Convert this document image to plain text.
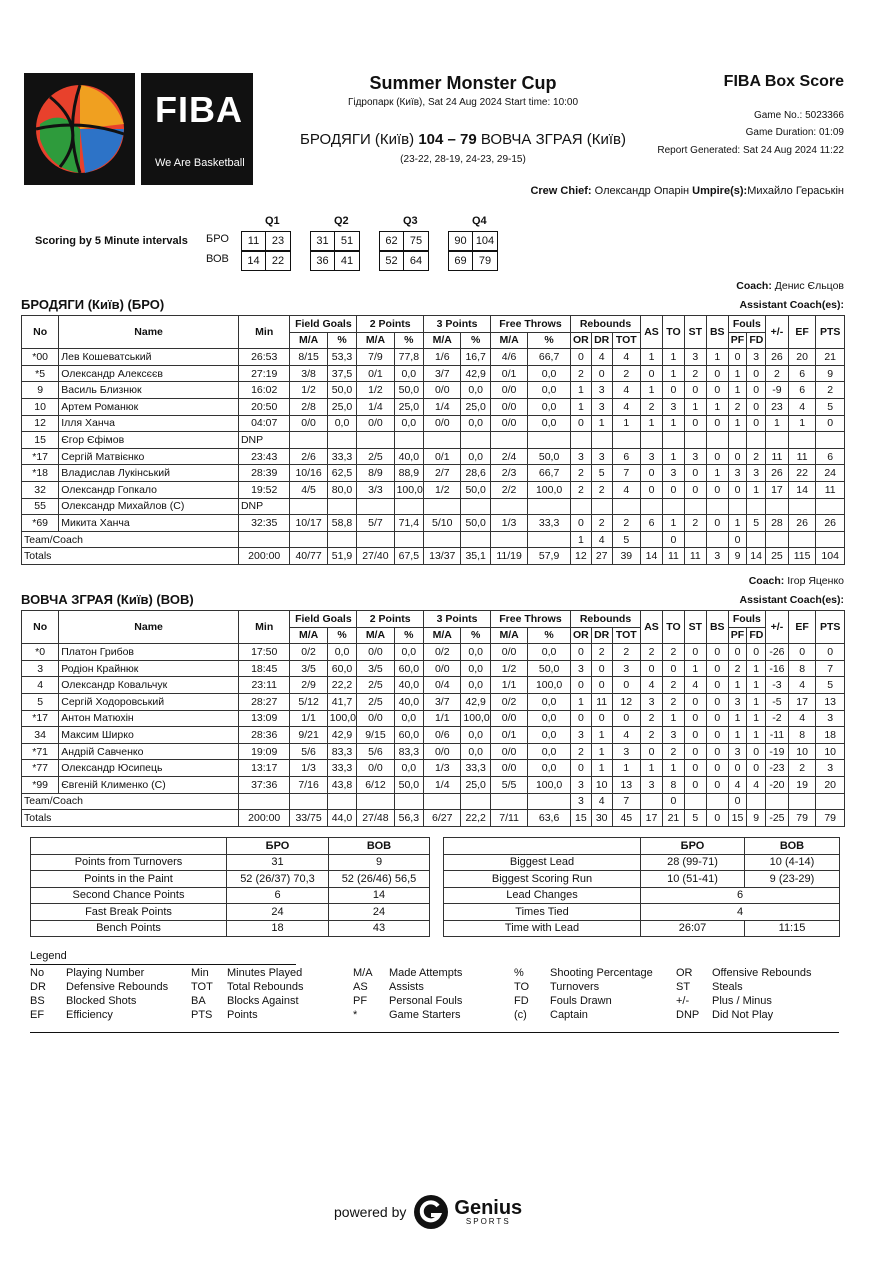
FIBA
We Are Basketball
Summer Monster Cup
Гідропарк (Київ), Sat 24 Aug 2024 Start time: 10:00
БРОДЯГИ (Київ) 104 – 79 ВОВЧА ЗГРАЯ (Київ)
(23-22, 28-19, 24-23, 29-15)
FIBA Box Score
Game No.: 5023366
Game Duration: 01:09
Report Generated: Sat 24 Aug 2024 11:22
Crew Chief: Олександр Опарін Umpire(s):Михайло Гераськін
Scoring by 5 Minute intervals
Q1	Q2	Q3	Q4
БРО	11	23	31	51	62	75	90 104
ВОВ	14	22	36	41	52	64	69	79
Coach: Денис Єльцов
БРОДЯГИ (Київ) (БРО)	Assistant Coach(es):
No	Name	Min	Field Goals		2 Points		3 Points		Free Throws		Rebounds			AS	TO	ST	BS	Fouls		+/-	EF	PTS
			M/A	%	M/A	%	M/A	%	M/A	%	OR	DR	TOT					PF	FD			
*00	Лев Кошеватський	26:53	8/15	53,3	7/9	77,8	1/6	16,7	4/6	66,7	0	4	4	1	1	3	1	0	3	26	20	21
*5	Олександр Алексєєв	27:19	3/8	37,5	0/1	0,0	3/7	42,9	0/1	0,0	2	0	2	0	1	2	0	1	0	2	6	9
9	Василь Близнюк	16:02	1/2	50,0	1/2	50,0	0/0	0,0	0/0	0,0	1	3	4	1	0	0	0	1	0	-9	6	2
10	Артем Романюк	20:50	2/8	25,0	1/4	25,0	1/4	25,0	0/0	0,0	1	3	4	2	3	1	1	2	0	23	4	5
12	Ілля Ханча	04:07	0/0	0,0	0/0	0,0	0/0	0,0	0/0	0,0	0	1	1	1	1	0	0	1	0	1	1	0
15	Єгор Єфімов	DNP																				
*17	Сергій Матвієнко	23:43	2/6	33,3	2/5	40,0	0/1	0,0	2/4	50,0	3	3	6	3	1	3	0	0	2	11	11	6
*18	Владислав Лукінський	28:39	10/16	62,5	8/9	88,9	2/7	28,6	2/3	66,7	2	5	7	0	3	0	1	3	3	26	22	24
32	Олександр Гопкало	19:52	4/5	80,0	3/3	100,0	1/2	50,0	2/2	100,0	2	2	4	0	0	0	0	0	1	17	14	11
55	Олександр Михайлов (С)	DNP																				
*69	Микита Ханча	32:35	10/17	58,8	5/7	71,4	5/10	50,0	1/3	33,3	0	2	2	6	1	2	0	1	5	28	26	26
Team/Coach											1	4	5		0			0				
Totals		200:00	40/77	51,9	27/40	67,5	13/37	35,1	11/19	57,9	12	27	39	14	11	11	3	9	14	25	115	104
Coach: Ігор Яценко
ВОВЧА ЗГРАЯ (Київ) (ВОВ)	Assistant Coach(es):
No	Name	Min	Field Goals		2 Points		3 Points		Free Throws		Rebounds			AS	TO	ST	BS	Fouls		+/-	EF	PTS
			M/A	%	M/A	%	M/A	%	M/A	%	OR	DR	TOT					PF	FD			
*0	Платон Грибов	17:50	0/2	0,0	0/0	0,0	0/2	0,0	0/0	0,0	0	2	2	2	2	0	0	0	0	-26	0	0
3	Родіон Крайнюк	18:45	3/5	60,0	3/5	60,0	0/0	0,0	1/2	50,0	3	0	3	0	0	1	0	2	1	-16	8	7
4	Олександр Ковальчук	23:11	2/9	22,2	2/5	40,0	0/4	0,0	1/1	100,0	0	0	0	4	2	4	0	1	1	-3	4	5
5	Сергій Ходоровський	28:27	5/12	41,7	2/5	40,0	3/7	42,9	0/2	0,0	1	11	12	3	2	0	0	3	1	-5	17	13
*17	Антон Матюхін	13:09	1/1	100,0	0/0	0,0	1/1	100,0	0/0	0,0	0	0	0	2	1	0	0	1	1	-2	4	3
34	Максим Ширко	28:36	9/21	42,9	9/15	60,0	0/6	0,0	0/1	0,0	3	1	4	2	3	0	0	1	1	-11	8	18
*71	Андрій Савченко	19:09	5/6	83,3	5/6	83,3	0/0	0,0	0/0	0,0	2	1	3	0	2	0	0	3	0	-19	10	10
*77	Олександр Юсипець	13:17	1/3	33,3	0/0	0,0	1/3	33,3	0/0	0,0	0	1	1	1	1	0	0	0	0	-23	2	3
*99	Євгеній Клименко (С)	37:36	7/16	43,8	6/12	50,0	1/4	25,0	5/5	100,0	3	10	13	3	8	0	0	4	4	-20	19	20
Team/Coach											3	4	7		0			0				
Totals		200:00	33/75	44,0	27/48	56,3	6/27	22,2	7/11	63,6	15	30	45	17	21	5	0	15	9	-25	79	79
	БРО	ВОВ
Points from Turnovers	31	9
Points in the Paint	52 (26/37) 70,3	52 (26/46) 56,5
Second Chance Points	6	14
Fast Break Points	24	24
Bench Points	18	43
	БРО	ВОВ
Biggest Lead	28 (99-71)	10 (4-14)
Biggest Scoring Run	10 (51-41)	9 (23-29)
Lead Changes	6	
Times Tied	4	
Time with Lead	26:07	11:15
Legend
No Playing Number	Min Minutes Played	M/A Made Attempts	% Shooting Percentage OR Offensive Rebounds
DR Defensive Rebounds TOT Total Rebounds	AS Assists	TO Turnovers	ST Steals
BS Blocked Shots	BA Blocks Against	PF Personal Fouls	FD Fouls Drawn	+/- Plus / Minus
EF Efficiency	PTS Points	*	Game Starters	(c) Captain	DNP Did Not Play
powered by Genius
SPORTS
